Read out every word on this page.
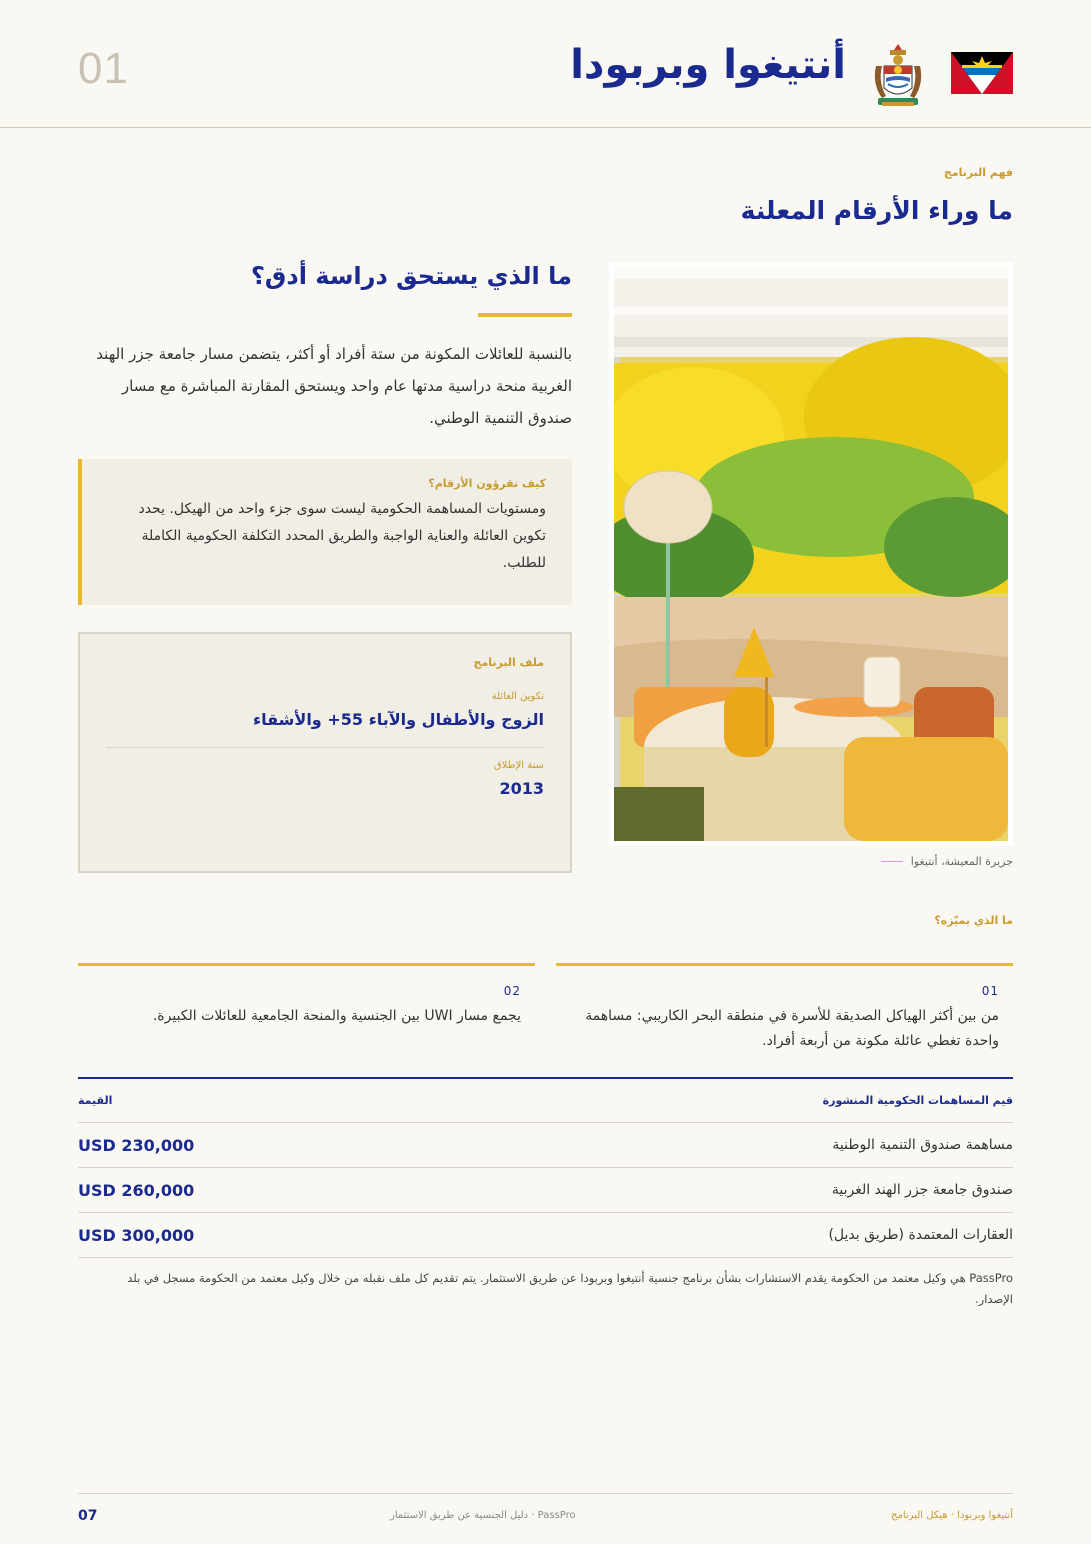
01	أنتيغوا وبربودا
فهم البرنامج
ما وراء الأرقام المعلنة
جزيرة المعيشة، أنتيغوا
ما الذي يستحق دراسة أدق؟
بالنسبة للعائلات المكونة من ستة أفراد أو أكثر، يتضمن مسار جامعة جزر الهند الغربية منحة دراسية مدتها عام واحد ويستحق المقارنة المباشرة مع مسار صندوق التنمية الوطني.
كيف تقرؤون الأرقام؟
ومستويات المساهمة الحكومية ليست سوى جزء واحد من الهيكل. يحدد تكوين العائلة والعناية الواجبة والطريق المحدد التكلفة الحكومية الكاملة للطلب.
ملف البرنامج
تكوين العائلة
الزوج والأطفال والآباء 55+ والأشقاء
سنة الإطلاق
2013
ما الذي يميّزه؟
01
من بين أكثر الهياكل الصديقة للأسرة في منطقة البحر الكاريبي: مساهمة واحدة تغطي عائلة مكونة من أربعة أفراد.
02
يجمع مسار UWI بين الجنسية والمنحة الجامعية للعائلات الكبيرة.
قيم المساهمات الحكومية المنشورة
القيمة
مساهمة صندوق التنمية الوطنية
USD 230,000
صندوق جامعة جزر الهند الغربية
USD 260,000
العقارات المعتمدة (طريق بديل)
USD 300,000
PassPro هي وكيل معتمد من الحكومة يقدم الاستشارات بشأن برنامج جنسية أنتيغوا وبربودا عن طريق الاستثمار. يتم تقديم كل ملف نقبله من خلال وكيل معتمد من الحكومة مسجل في بلد الإصدار.
07	PassPro · دليل الجنسية عن طريق الاستثمار	أنتيغوا وبربودا · هيكل البرنامج
